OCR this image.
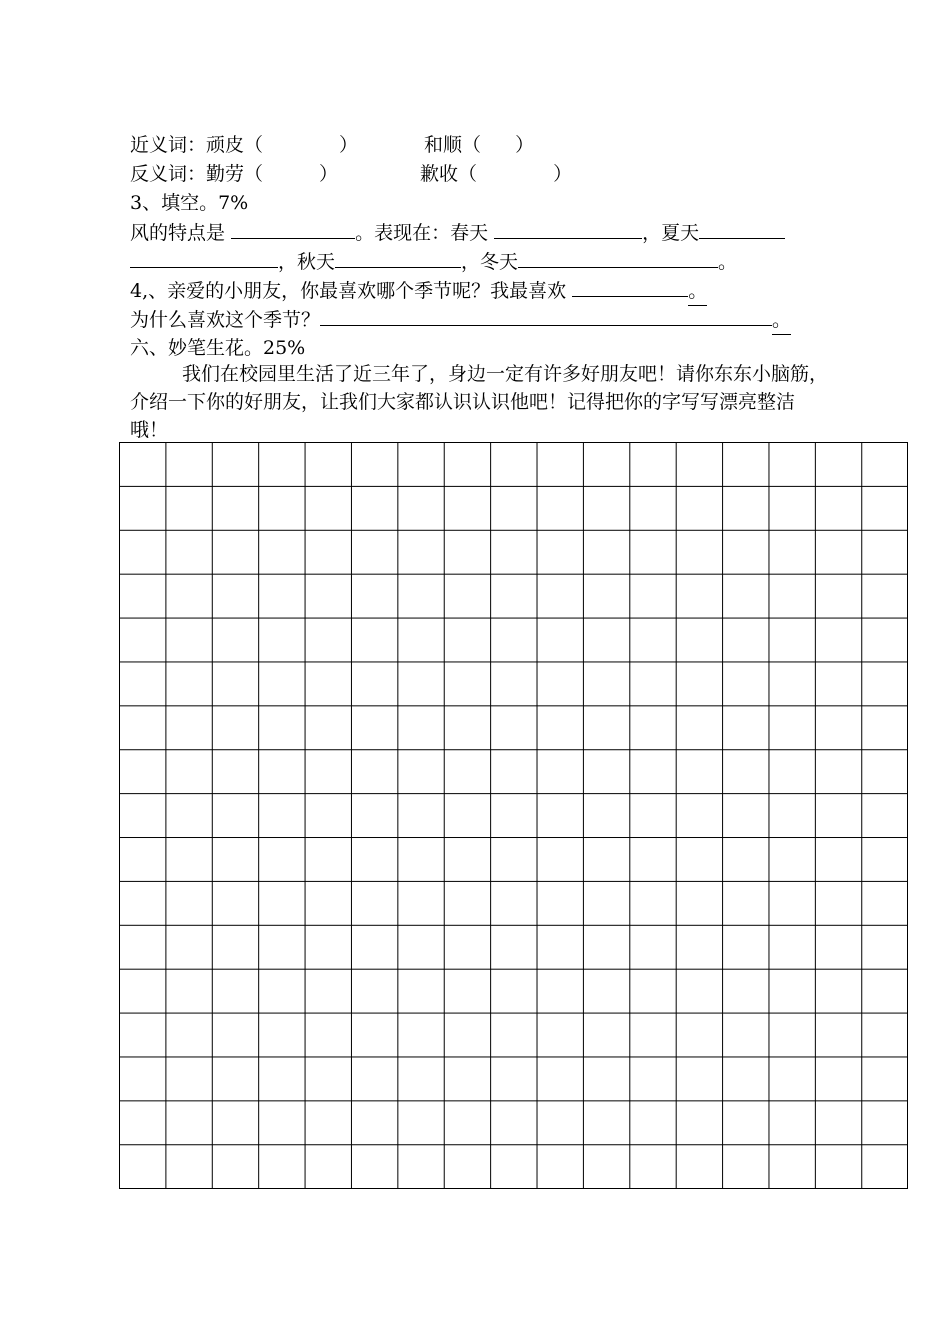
近义词：顽皮（	）	和顺（ ）
反义词：勤劳（	）	歉收（	）
3、填空。7%
风的特点是	。表现在：春天	，夏天
，秋天	，冬天	。
4,、亲爱的小朋友，你最喜欢哪个季节呢？我最喜欢	。
为什么喜欢这个季节？	。
六、妙笔生花。25%
我们在校园里生活了近三年了，身边一定有许多好朋友吧！请你东东小脑筋，介绍一下你的好朋友，让我们大家都认识认识他吧！记得把你的字写写漂亮整洁哦！
